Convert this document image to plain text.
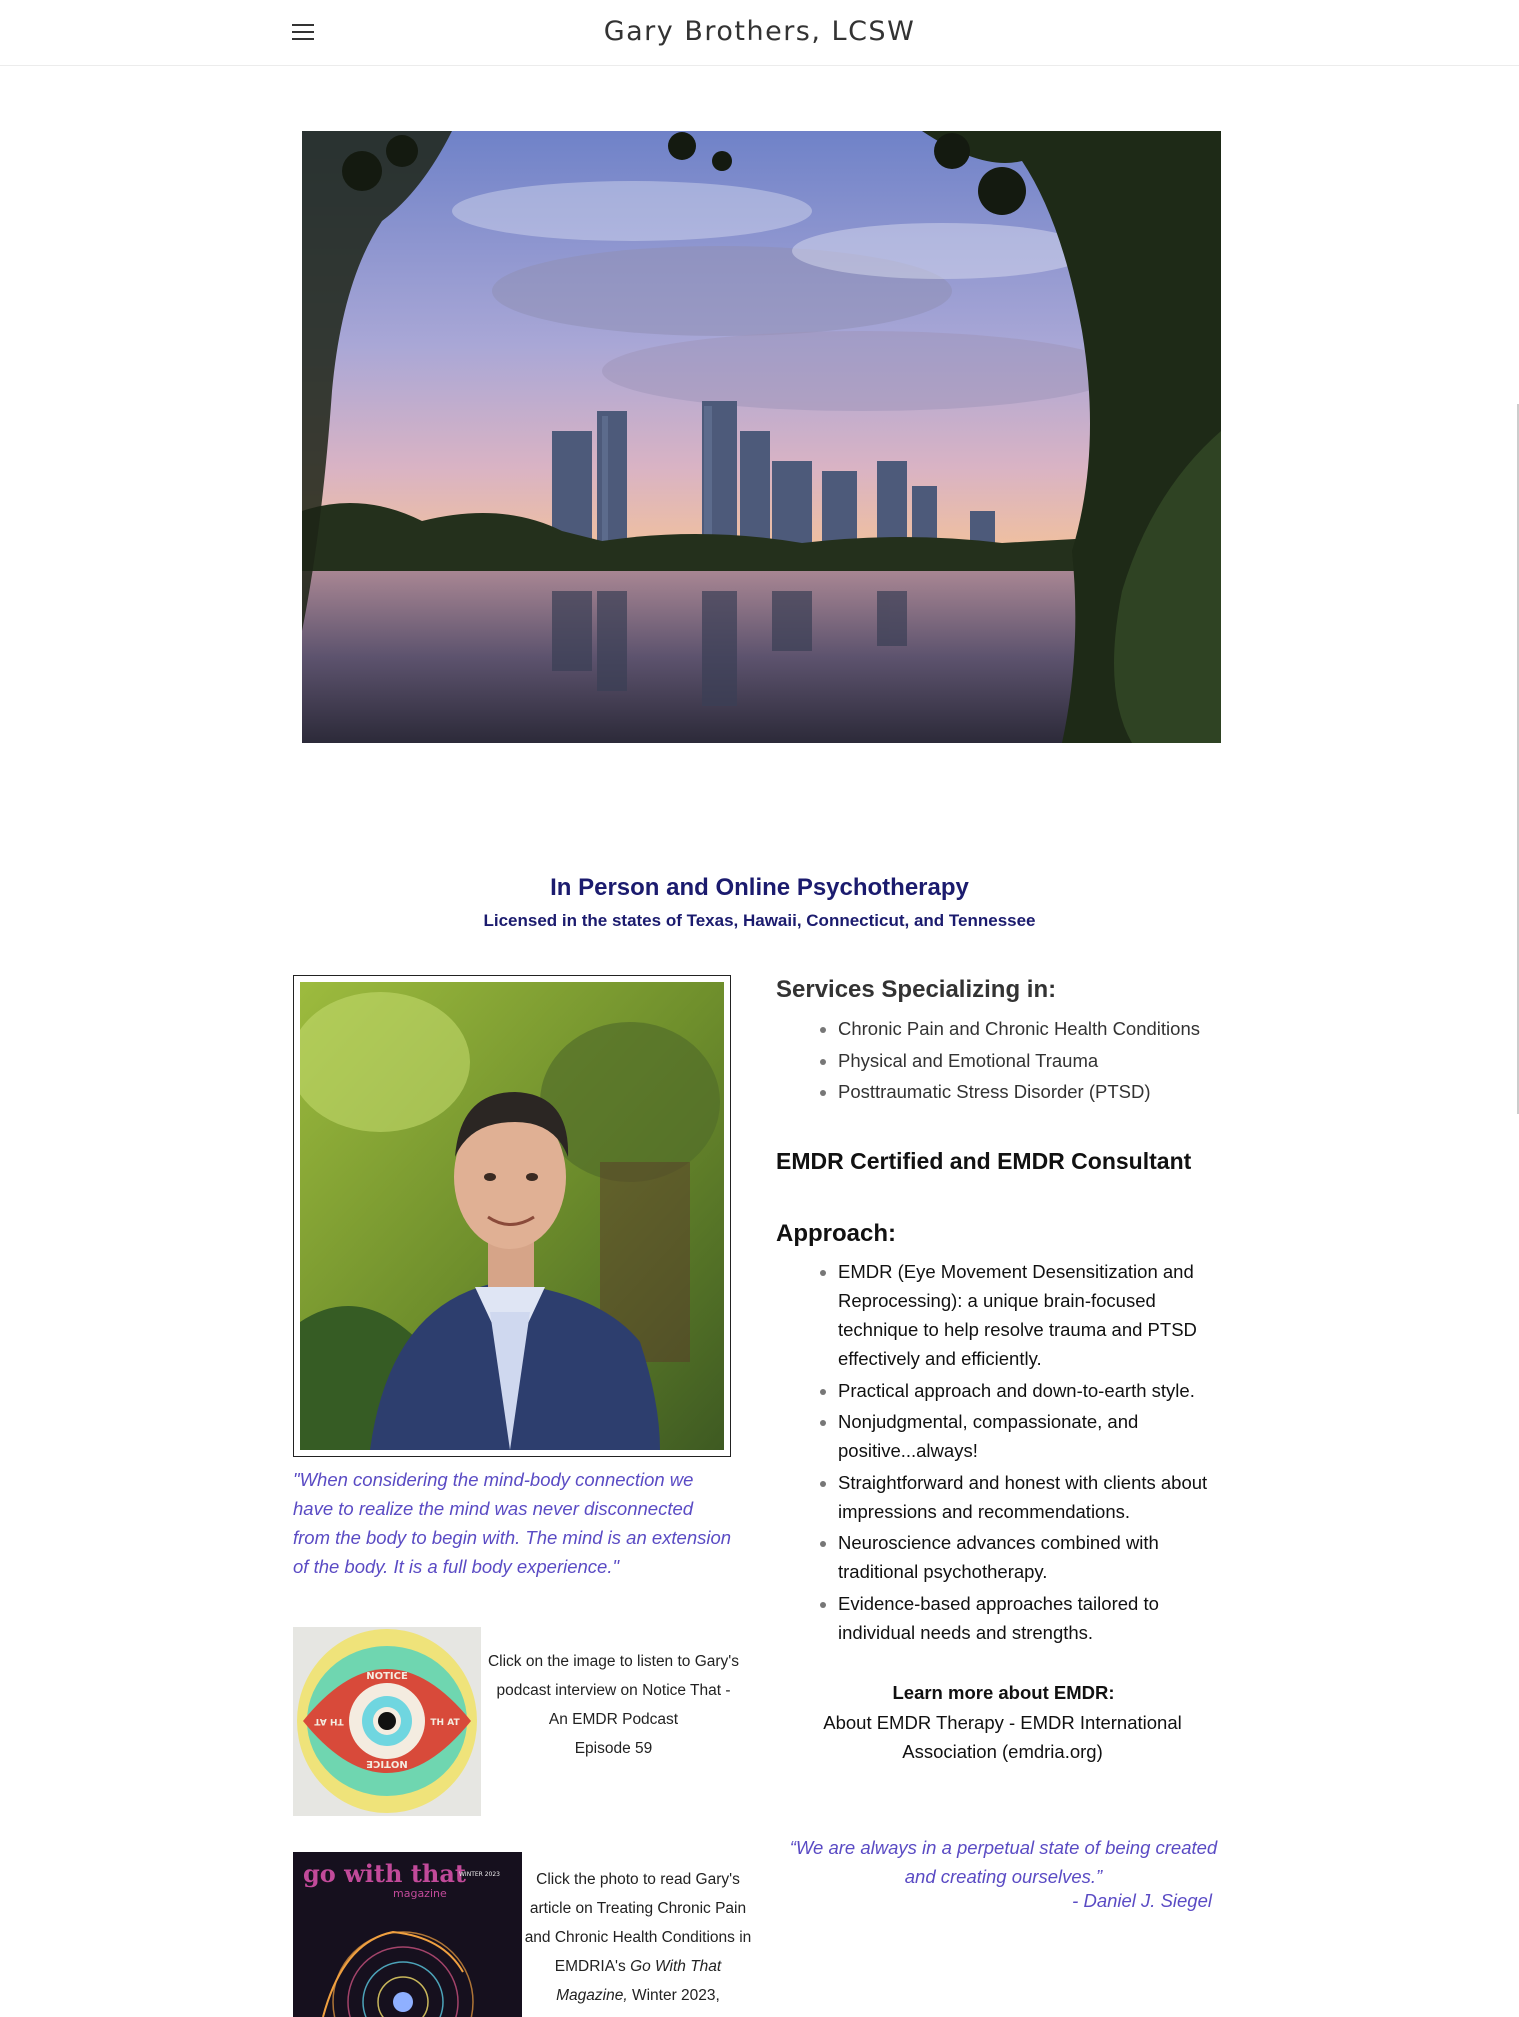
Gary Brothers, LCSW
In Person and Online Psychotherapy
Licensed in the states of Texas, Hawaii, Connecticut, and Tennessee
"When considering the mind-body connection we have to realize the mind was never disconnected from the body to begin with. The mind is an extension of the body. It is a full body experience."
NOTICE
NOTICE
TH AT	TH AT
Click on the image to listen to Gary's
podcast interview on Notice That -
An EMDR Podcast
Episode 59
go with that
magazine
WINTER 2023	Click the photo to read Gary's article on Treating Chronic Pain and Chronic Health Conditions in EMDRIA's Go With That Magazine, Winter 2023,
Services Specializing in:
• Chronic Pain and Chronic Health Conditions
• Physical and Emotional Trauma
• Posttraumatic Stress Disorder (PTSD)
EMDR Certified and EMDR Consultant
Approach:
• EMDR (Eye Movement Desensitization and Reprocessing): a unique brain-focused technique to help resolve trauma and PTSD effectively and efficiently.
• Practical approach and down-to-earth style.
• Nonjudgmental, compassionate, and positive...always!
• Straightforward and honest with clients about impressions and recommendations.
• Neuroscience advances combined with traditional psychotherapy.
• Evidence-based approaches tailored to individual needs and strengths.
Learn more about EMDR:
About EMDR Therapy - EMDR International Association (emdria.org)
“We are always in a perpetual state of being created and creating ourselves.”
- Daniel J. Siegel
